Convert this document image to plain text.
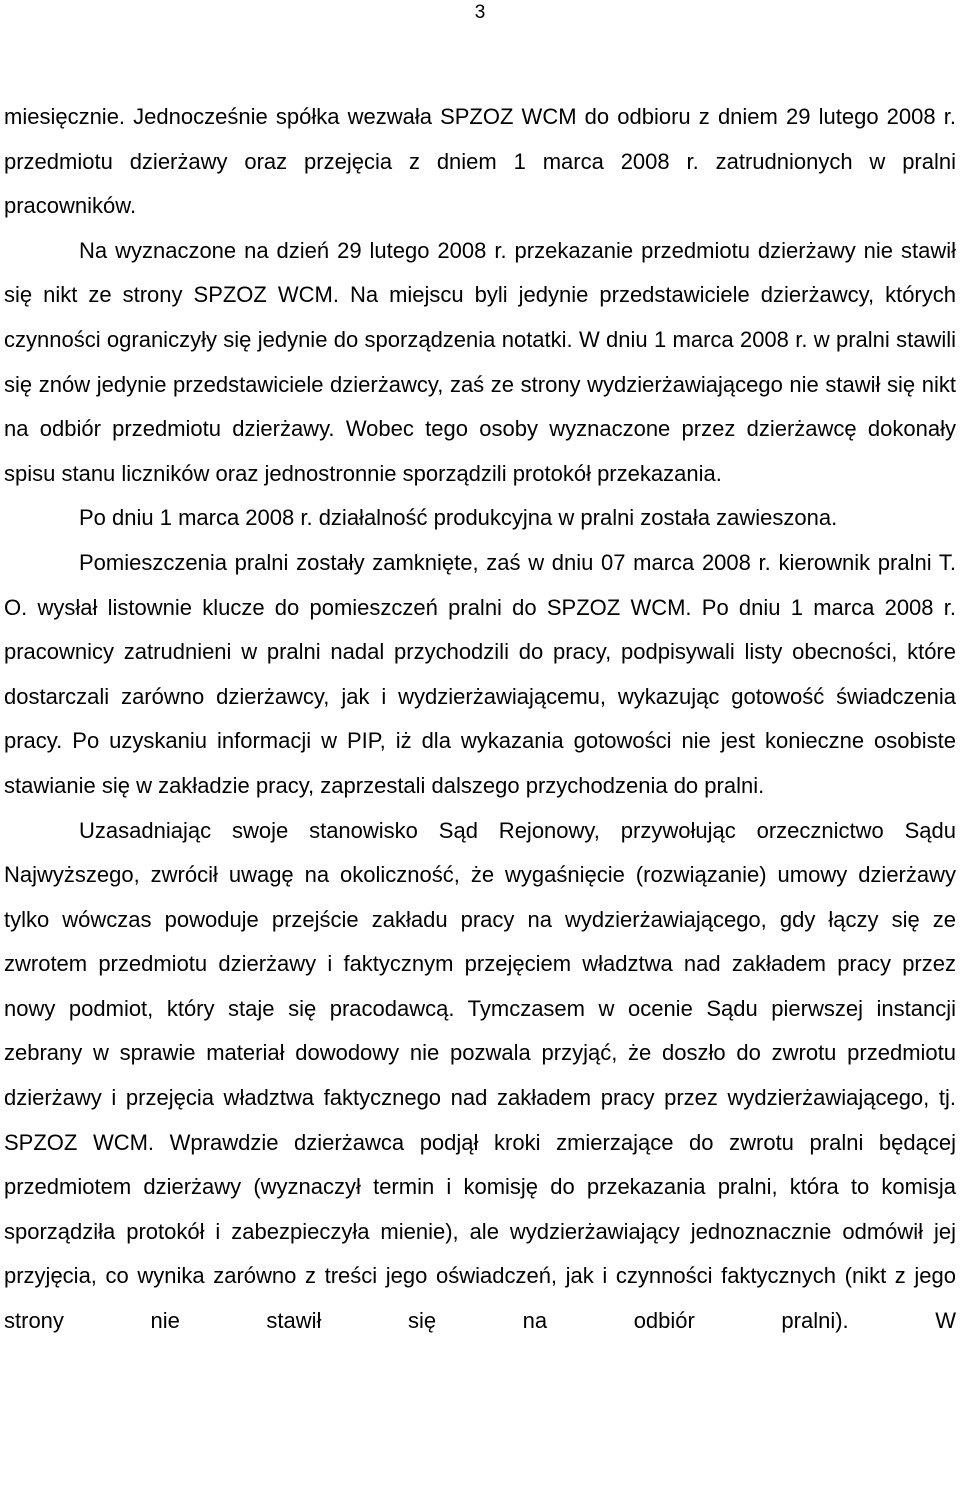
3

miesięcznie. Jednocześnie spółka wezwała SPZOZ WCM do odbioru z dniem 29 lutego 2008 r. przedmiotu dzierżawy oraz przejęcia z dniem 1 marca 2008 r. zatrudnionych w pralni pracowników.

Na wyznaczone na dzień 29 lutego 2008 r. przekazanie przedmiotu dzierżawy nie stawił się nikt ze strony SPZOZ WCM. Na miejscu byli jedynie przedstawiciele dzierżawcy, których czynności ograniczyły się jedynie do sporządzenia notatki. W dniu 1 marca 2008 r. w pralni stawili się znów jedynie przedstawiciele dzierżawcy, zaś ze strony wydzierżawiającego nie stawił się nikt na odbiór przedmiotu dzierżawy. Wobec tego osoby wyznaczone przez dzierżawcę dokonały spisu stanu liczników oraz jednostronnie sporządzili protokół przekazania.

Po dniu 1 marca 2008 r. działalność produkcyjna w pralni została zawieszona.

Pomieszczenia pralni zostały zamknięte, zaś w dniu 07 marca 2008 r. kierownik pralni T. O. wysłał listownie klucze do pomieszczeń pralni do SPZOZ WCM. Po dniu 1 marca 2008 r. pracownicy zatrudnieni w pralni nadal przychodzili do pracy, podpisywali listy obecności, które dostarczali zarówno dzierżawcy, jak i wydzierżawiającemu, wykazując gotowość świadczenia pracy. Po uzyskaniu informacji w PIP, iż dla wykazania gotowości nie jest konieczne osobiste stawianie się w zakładzie pracy, zaprzestali dalszego przychodzenia do pralni.

Uzasadniając swoje stanowisko Sąd Rejonowy, przywołując orzecznictwo Sądu Najwyższego, zwrócił uwagę na okoliczność, że wygaśnięcie (rozwiązanie) umowy dzierżawy tylko wówczas powoduje przejście zakładu pracy na wydzierżawiającego, gdy łączy się ze zwrotem przedmiotu dzierżawy i faktycznym przejęciem władztwa nad zakładem pracy przez nowy podmiot, który staje się pracodawcą. Tymczasem w ocenie Sądu pierwszej instancji zebrany w sprawie materiał dowodowy nie pozwala przyjąć, że doszło do zwrotu przedmiotu dzierżawy i przejęcia władztwa faktycznego nad zakładem pracy przez wydzierżawiającego, tj. SPZOZ WCM. Wprawdzie dzierżawca podjął kroki zmierzające do zwrotu pralni będącej przedmiotem dzierżawy (wyznaczył termin i komisję do przekazania pralni, która to komisja sporządziła protokół i zabezpieczyła mienie), ale wydzierżawiający jednoznacznie odmówił jej przyjęcia, co wynika zarówno z treści jego oświadczeń, jak i czynności faktycznych (nikt z jego strony nie stawił się na odbiór pralni). W
